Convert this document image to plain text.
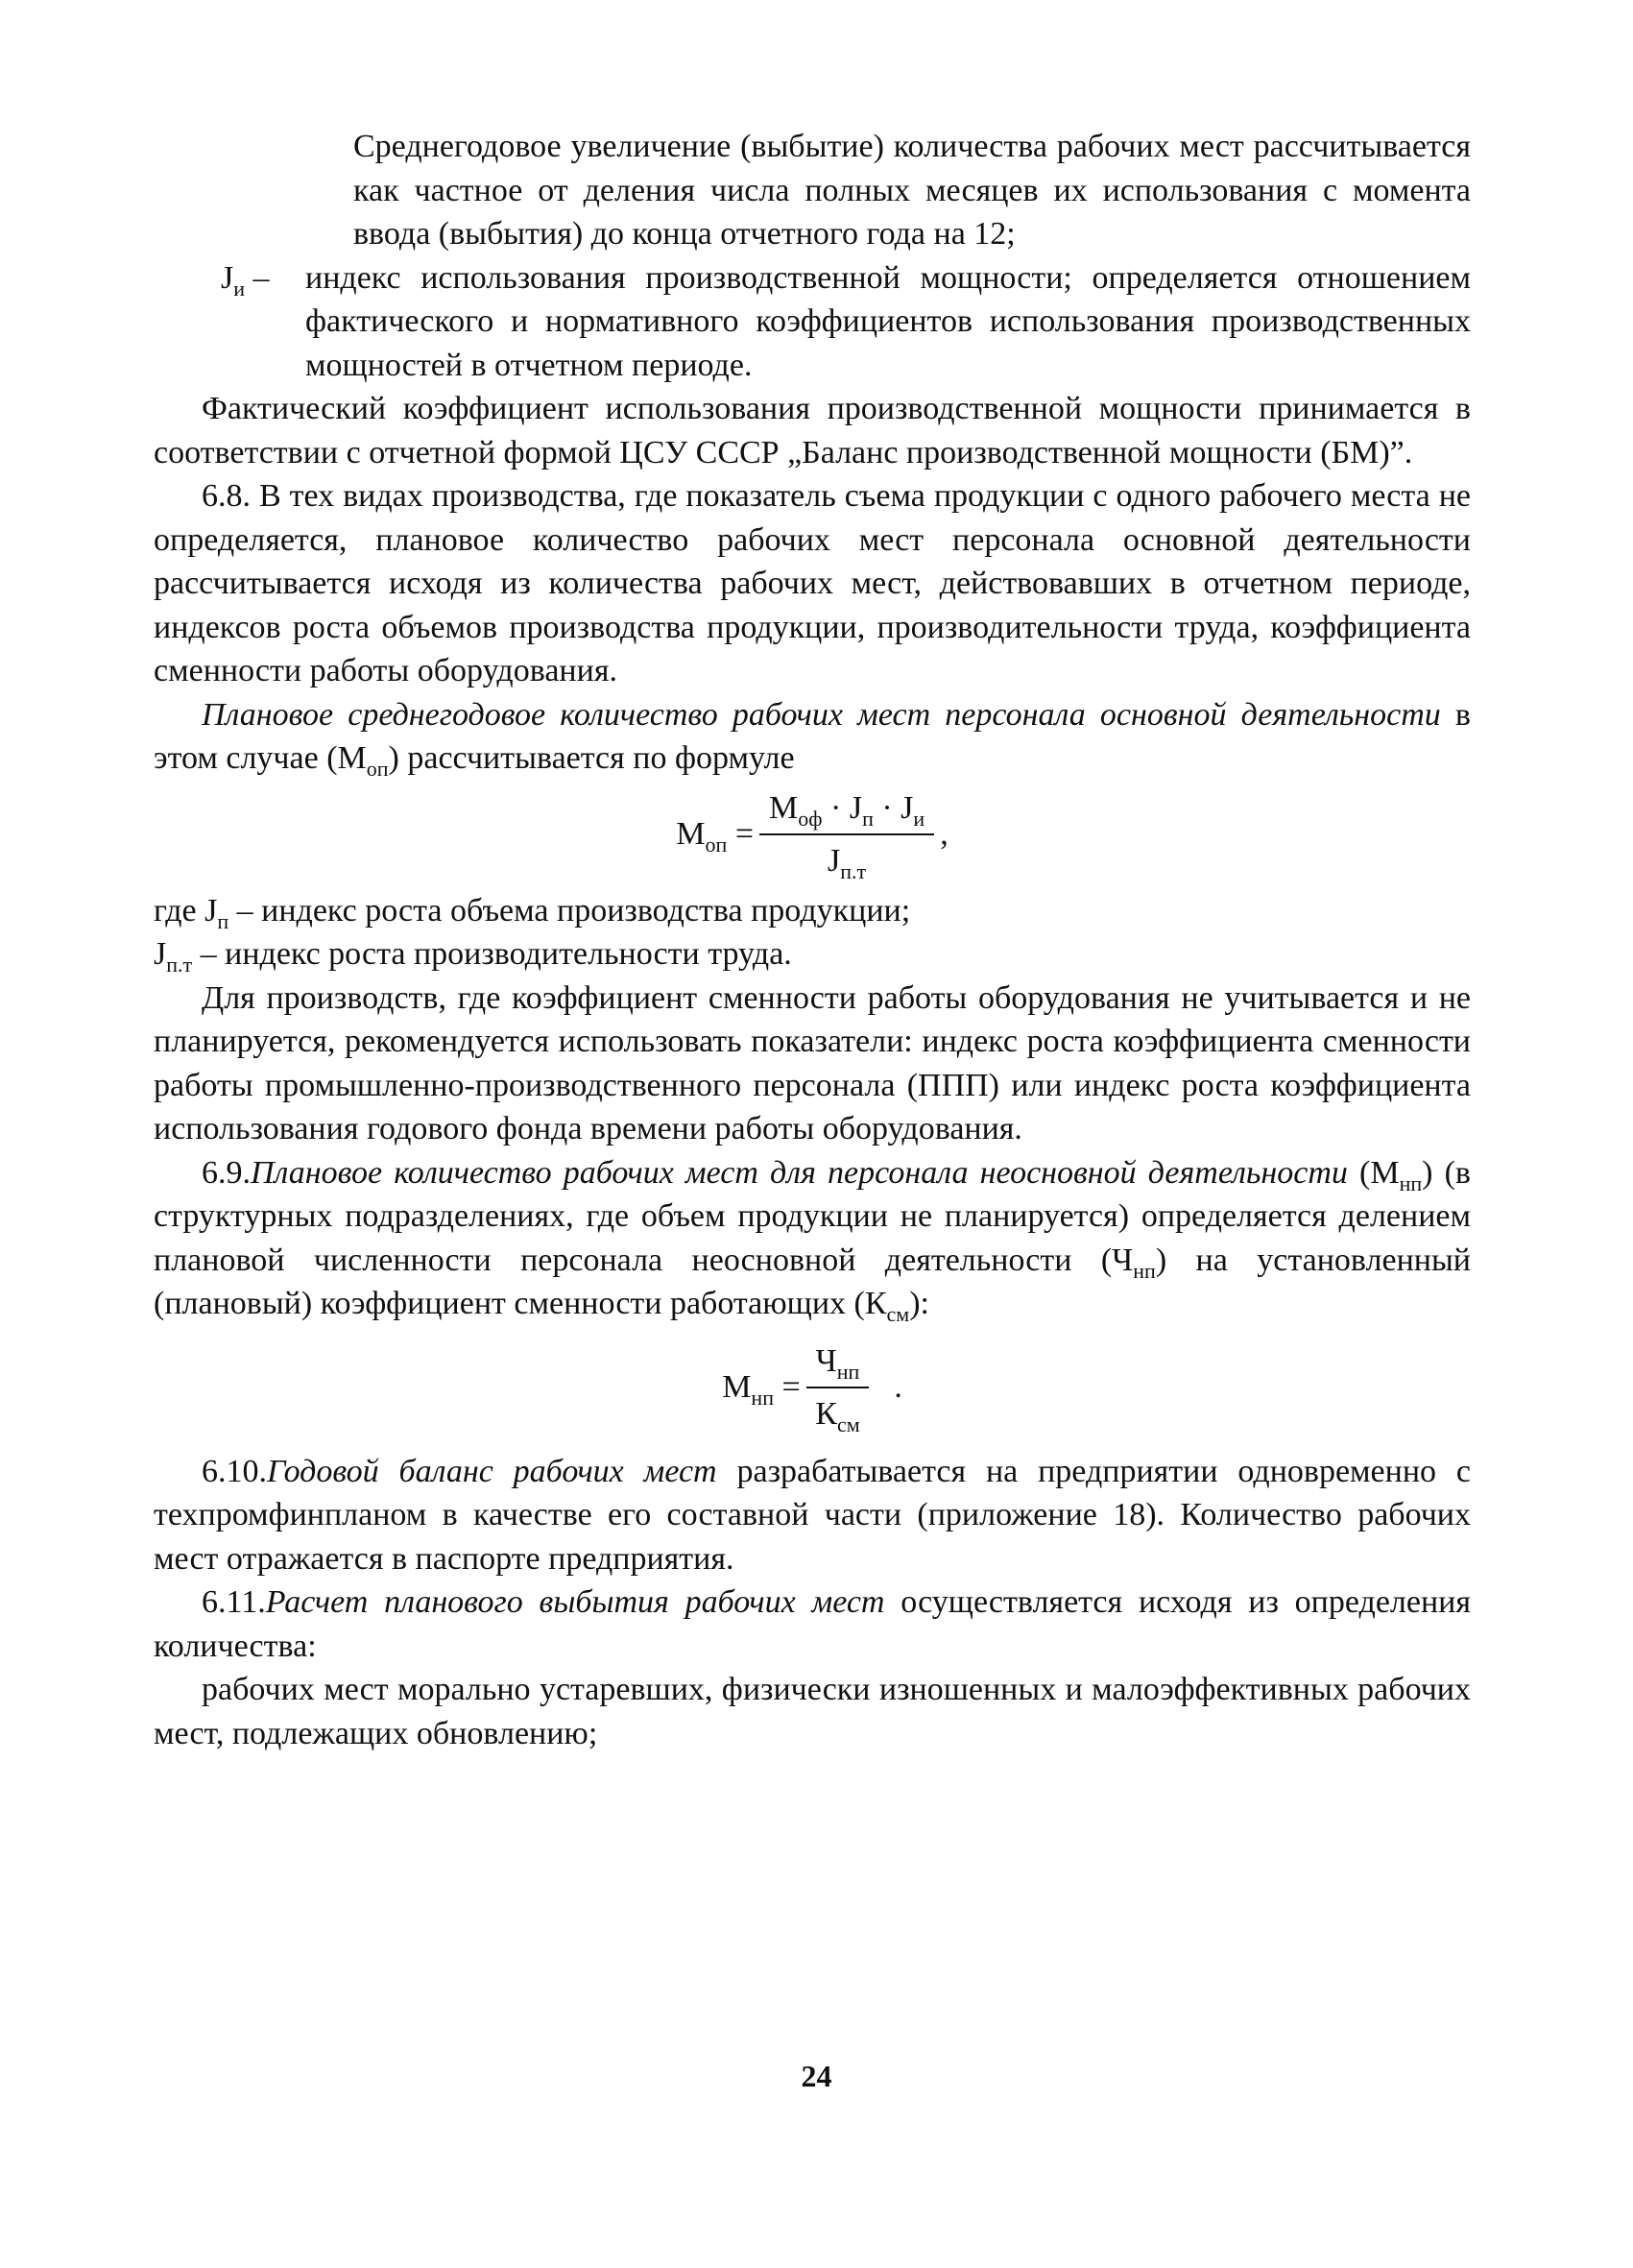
Среднегодовое увеличение (выбытие) количества рабочих мест рассчитывается как частное от деления числа полных месяцев их использования с момента ввода (выбытия) до конца отчетного года на 12;

$J_и$ –	индекс использования производственной мощности; определяется отношением фактического и нормативного коэффициентов использования производственных мощностей в отчетном периоде.

Фактический коэффициент использования производственной мощности принимается в соответствии с отчетной формой ЦСУ СССР „Баланс производственной мощности (БМ)”.

6.8. В тех видах производства, где показатель съема продукции с одного рабочего места не определяется, плановое количество рабочих мест персонала основной деятельности рассчитывается исходя из количества рабочих мест, действовавших в отчетном периоде, индексов роста объемов производства продукции, производительности труда, коэффициента сменности работы оборудования.

Плановое среднегодовое количество рабочих мест персонала основной деятельности в этом случае $(М_{оп})$ рассчитывается по формуле

$М_{оп} = \frac{М_{оф} \cdot J_п \cdot J_и}{J_{п.т}}$ ,
где $J_п$ – индекс роста объема производства продукции;
$J_{п.т}$ – индекс роста производительности труда.

Для производств, где коэффициент сменности работы оборудования не учитывается и не планируется, рекомендуется использовать показатели: индекс роста коэффициента сменности работы промышленно-производственного персонала (ППП) или индекс роста коэффициента использования годового фонда времени работы оборудования.

6.9.Плановое количество рабочих мест для персонала неосновной деятельности $(М_{нп})$ (в структурных подразделениях, где объем продукции не планируется) определяется делением плановой численности персонала неосновной деятельности $(Ч_{нп})$ на установленный (плановый) коэффициент сменности работающих $(К_{см})$:

$М_{нп} = \frac{Ч_{нп}}{К_{см}}$ .

6.10.Годовой баланс рабочих мест разрабатывается на предприятии одновременно с техпромфинпланом в качестве его составной части (приложение 18). Количество рабочих мест отражается в паспорте предприятия.

6.11.Расчет планового выбытия рабочих мест осуществляется исходя из определения количества:

рабочих мест морально устаревших, физически изношенных и малоэффективных рабочих мест, подлежащих обновлению;

24
